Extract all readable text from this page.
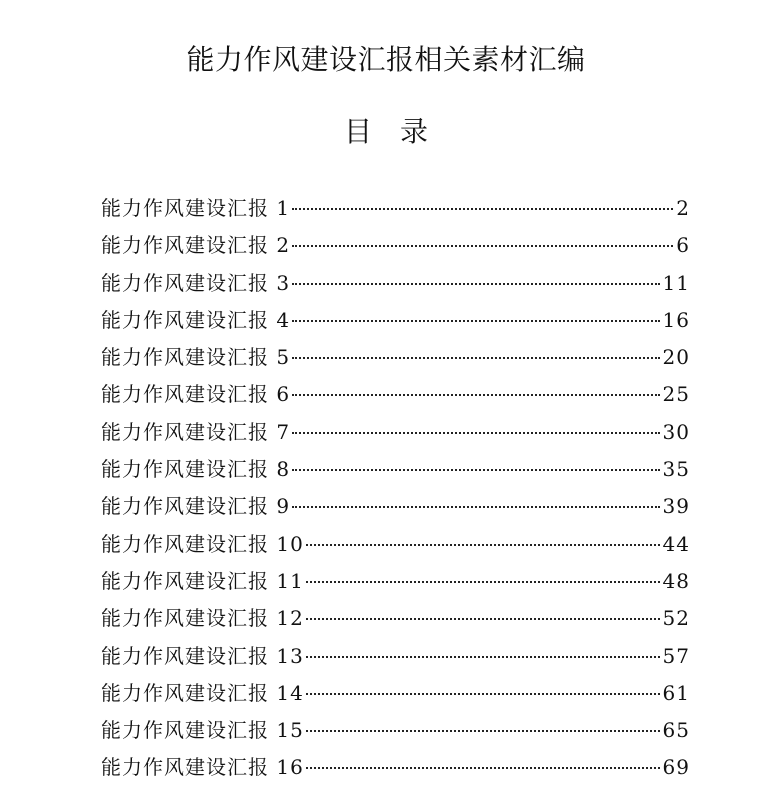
能力作风建设汇报相关素材汇编
目　录
能力作风建设汇报 1	2
能力作风建设汇报 2	6
能力作风建设汇报 3	11
能力作风建设汇报 4	16
能力作风建设汇报 5	20
能力作风建设汇报 6	25
能力作风建设汇报 7	30
能力作风建设汇报 8	35
能力作风建设汇报 9	39
能力作风建设汇报 10	44
能力作风建设汇报 11	48
能力作风建设汇报 12	52
能力作风建设汇报 13	57
能力作风建设汇报 14	61
能力作风建设汇报 15	65
能力作风建设汇报 16	69
